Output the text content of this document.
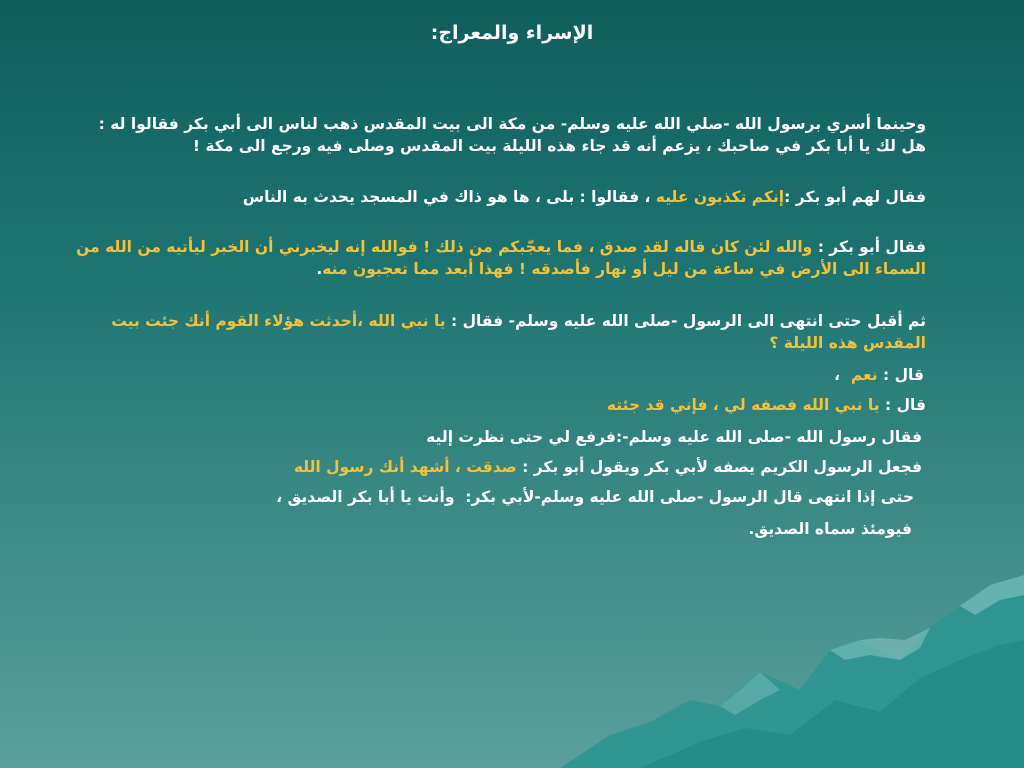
الإسراء والمعراج:
وحينما أسري برسول الله -صلي الله عليه وسلم- من مكة الى بيت المقدس ذهب لناس الى أبي بكر فقالوا له : هل لك يا أبا بكر في صاحبك ، يزعم أنه قد جاء هذه الليلة بيت المقدس وصلى فيه ورجع الى مكة !
فقال لهم أبو بكر :إنكم تكذبون عليه ، فقالوا : بلى ، ها هو ذاك في المسجد يحدث به الناس
فقال أبو بكر : والله لئن كان قاله لقد صدق ، فما يعجّبكم من ذلك ! فوالله إنه ليخبرني أن الخبر ليأتيه من الله من السماء الى الأرض في ساعة من ليل أو نهار فأصدقه ! فهذا أبعد مما تعجبون منه.
ثم أقبل حتى انتهى الى الرسول -صلى الله عليه وسلم- فقال : يا نبي الله ،أحدثت هؤلاء القوم أنك جئت بيت المقدس هذه الليلة ؟
قال : نعم  ،
قال : يا نبي الله فصفه لي ، فإني قد جئته
فقال رسول الله -صلى الله عليه وسلم-:فرفع لي حتى نظرت إليه
فجعل الرسول الكريم يصفه لأبي بكر ويقول أبو بكر : صدقت ، أشهد أنك رسول الله
حتى إذا انتهى قال الرسول -صلى الله عليه وسلم-لأبي بكر:  وأنت يا أبا بكر الصديق ،
فيومئذ سماه الصديق.
